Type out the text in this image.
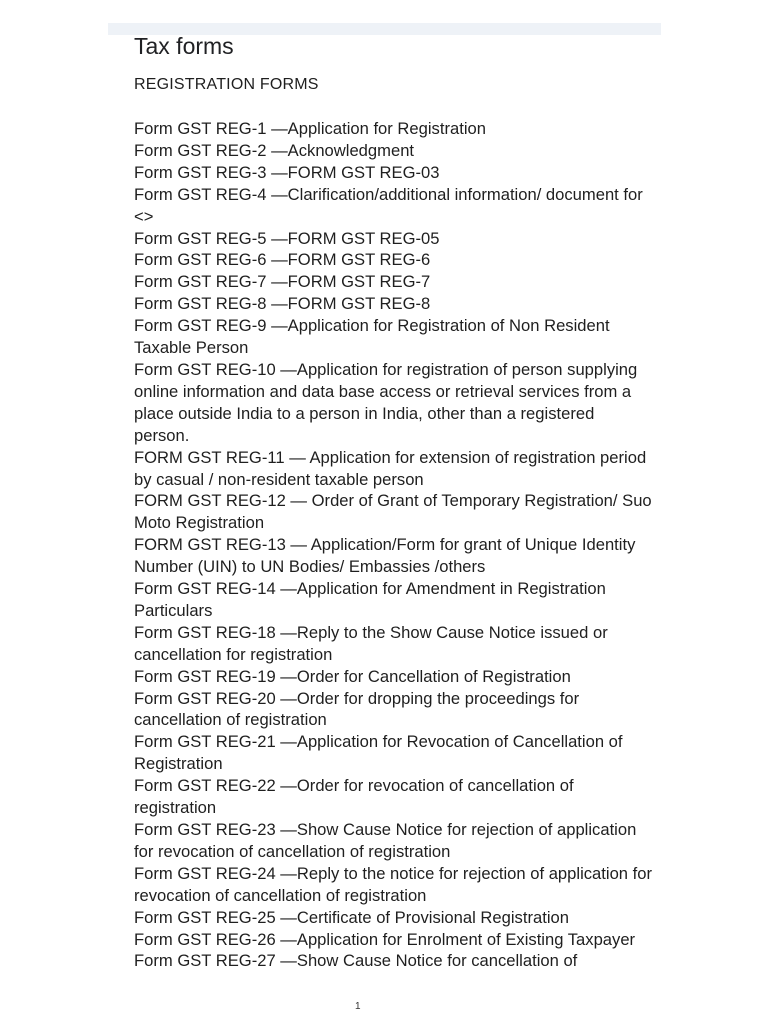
Tax forms
REGISTRATION FORMS
Form GST REG-1 —Application for Registration
Form GST REG-2 —Acknowledgment
Form GST REG-3 —FORM GST REG-03
Form GST REG-4 —Clarification/additional information/ document for <>
Form GST REG-5 —FORM GST REG-05
Form GST REG-6 —FORM GST REG-6
Form GST REG-7 —FORM GST REG-7
Form GST REG-8 —FORM GST REG-8
Form GST REG-9 —Application for Registration of Non Resident Taxable Person
Form GST REG-10 —Application for registration of person supplying online information and data base access or retrieval services from a place outside India to a person in India, other than a registered person.
FORM GST REG-11 — Application for extension of registration period by casual / non-resident taxable person
FORM GST REG-12 — Order of Grant of Temporary Registration/ Suo Moto Registration
FORM GST REG-13 — Application/Form for grant of Unique Identity Number (UIN) to UN Bodies/ Embassies /others
Form GST REG-14 —Application for Amendment in Registration Particulars
Form GST REG-18 —Reply to the Show Cause Notice issued or cancellation for registration
Form GST REG-19 —Order for Cancellation of Registration
Form GST REG-20 —Order for dropping the proceedings for cancellation of registration
Form GST REG-21 —Application for Revocation of Cancellation of Registration
Form GST REG-22 —Order for revocation of cancellation of registration
Form GST REG-23 —Show Cause Notice for rejection of application for revocation of cancellation of registration
Form GST REG-24 —Reply to the notice for rejection of application for revocation of cancellation of registration
Form GST REG-25 —Certificate of Provisional Registration
Form GST REG-26 —Application for Enrolment of Existing Taxpayer
Form GST REG-27 —Show Cause Notice for cancellation of
1
